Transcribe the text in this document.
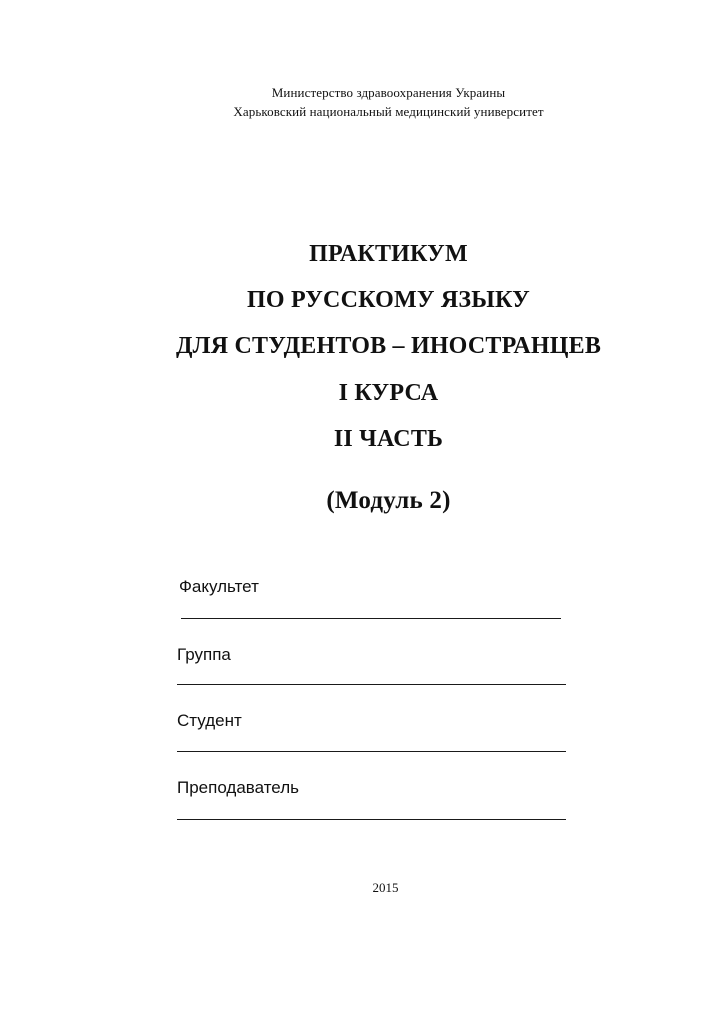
Министерство здравоохранения Украины
Харьковский национальный медицинский университет
ПРАКТИКУМ
ПО РУССКОМУ ЯЗЫКУ
ДЛЯ СТУДЕНТОВ – ИНОСТРАНЦЕВ
I КУРСА
II ЧАСТЬ
(Модуль 2)
Факультет
Группа
Студент
Преподаватель
2015
